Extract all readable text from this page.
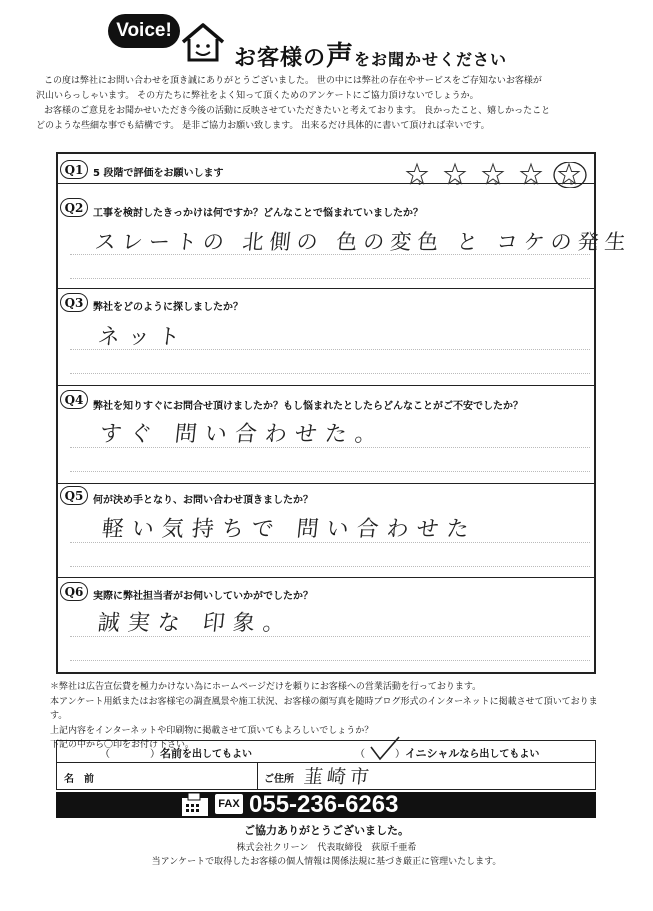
Voice!
お客様の声をお聞かせください

この度は弊社にお問い合わせを頂き誠にありがとうございました。 世の中には弊社の存在やサービスをご存知ないお客様が

沢山いらっしゃいます。 その方たちに弊社をよく知って頂くためのアンケートにご協力頂けないでしょうか。

お客様のご意見をお聞かせいただき今後の活動に反映させていただきたいと考えております。 良かったこと、嬉しかったこと

どのような些細な事でも結構です。 是非ご協力お願い致します。 出来るだけ具体的に書いて頂ければ幸いです。

Q1 5 段階で評価をお願いします
1	2	3	4	5
Q2 工事を検討したきっかけは何ですか？どんなことで悩まれていましたか？
スレートの 北側の 色の変色 と コケの発生
Q3 弊社をどのように探しましたか？
ネット
Q4 弊社を知りすぐにお問合せ頂けましたか？もし悩まれたとしたらどんなことがご不安でしたか？
すぐ 問い合わせた。
Q5 何が決め手となり、お問い合わせ頂きましたか？
軽い気持ちで 問い合わせた
Q6 実際に弊社担当者がお伺いしていかがでしたか？
誠実な 印象。

＊弊社は広告宣伝費を極力かけない為にホームページだけを頼りにお客様への営業活動を行っております。

本アンケート用紙またはお客様宅の調査風景や施工状況、お客様の顔写真を随時ブログ形式のインターネットに掲載させて頂いております。

上記内容をインターネットや印刷物に掲載させて頂いてもよろしいでしょうか？

下記の中から〇印をお付け下さい。

（　　　　）名前を出してもよい	（　　　）イニシャルなら出してもよい
名　前	ご住所 韮崎市
FAX 055-236-6263
ご協力ありがとうございました。
株式会社クリーン　代表取締役　荻原千亜希
当アンケートで取得したお客様の個人情報は関係法規に基づき厳正に管理いたします。
